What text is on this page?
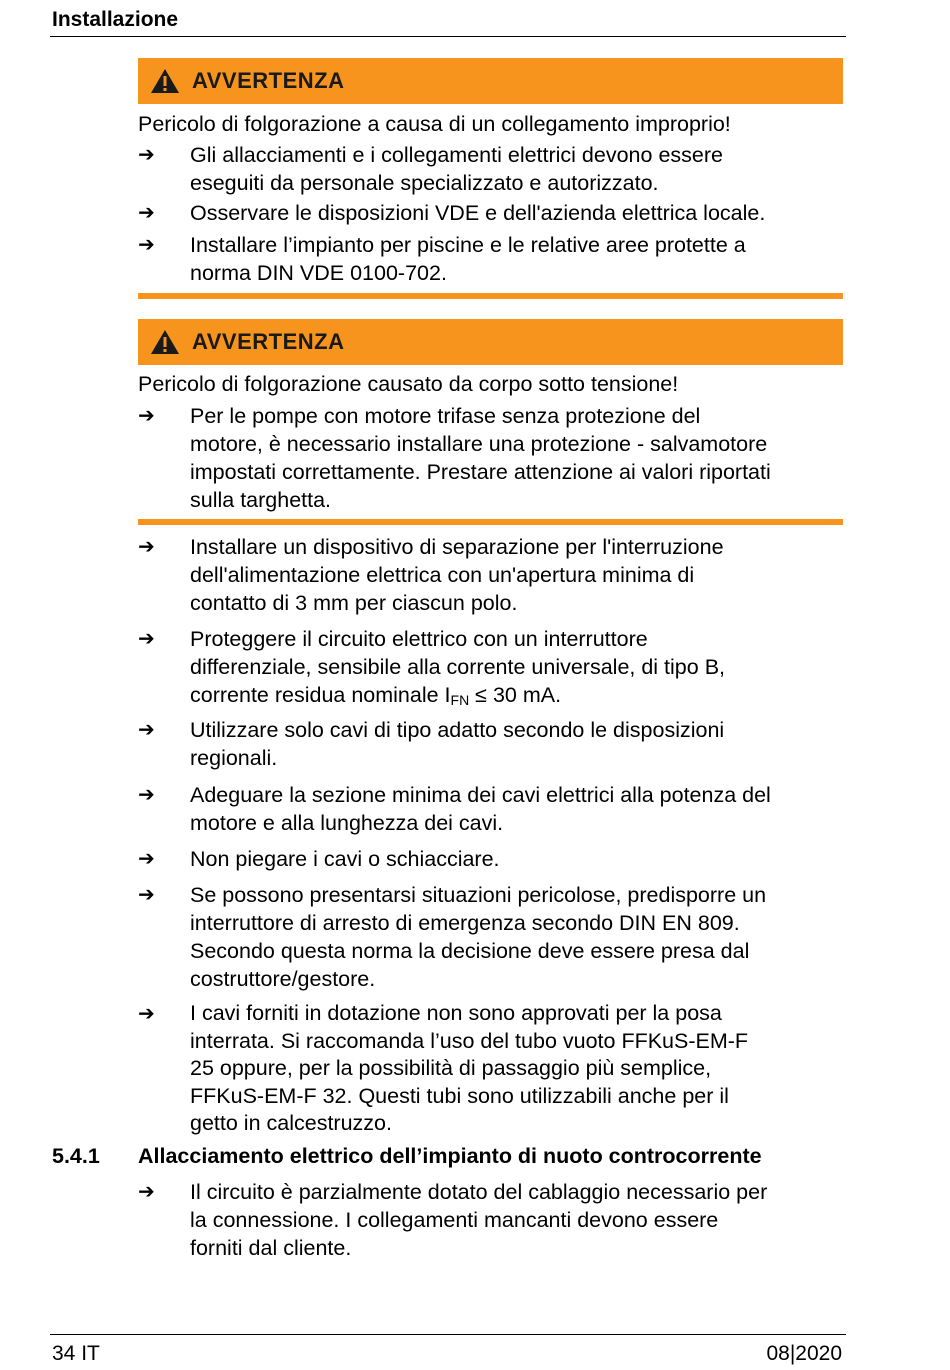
Installazione
AVVERTENZA
Pericolo di folgorazione a causa di un collegamento improprio!
➔	Gli allacciamenti e i collegamenti elettrici devono essere
eseguiti da personale specializzato e autorizzato.
➔	Osservare le disposizioni VDE e dell'azienda elettrica locale.
➔	Installare l’impianto per piscine e le relative aree protette a
norma DIN VDE 0100-702.
AVVERTENZA
Pericolo di folgorazione causato da corpo sotto tensione!
➔	Per le pompe con motore trifase senza protezione del
motore, è necessario installare una protezione - salvamotore
impostati correttamente. Prestare attenzione ai valori riportati
sulla targhetta.
➔	Installare un dispositivo di separazione per l'interruzione
dell'alimentazione elettrica con un'apertura minima di
contatto di 3 mm per ciascun polo.
➔	Proteggere il circuito elettrico con un interruttore
differenziale, sensibile alla corrente universale, di tipo B,
corrente residua nominale $I_{FN} \le 30$ mA.
➔	Utilizzare solo cavi di tipo adatto secondo le disposizioni
regionali.
➔	Adeguare la sezione minima dei cavi elettrici alla potenza del
motore e alla lunghezza dei cavi.
➔	Non piegare i cavi o schiacciare.
➔	Se possono presentarsi situazioni pericolose, predisporre un
interruttore di arresto di emergenza secondo DIN EN 809.
Secondo questa norma la decisione deve essere presa dal
costruttore/gestore.
➔	I cavi forniti in dotazione non sono approvati per la posa
interrata. Si raccomanda l’uso del tubo vuoto FFKuS-EM-F
25 oppure, per la possibilità di passaggio più semplice,
FFKuS-EM-F 32. Questi tubi sono utilizzabili anche per il
getto in calcestruzzo.
5.4.1 Allacciamento elettrico dell’impianto di nuoto controcorrente
➔	Il circuito è parzialmente dotato del cablaggio necessario per
la connessione. I collegamenti mancanti devono essere
forniti dal cliente.
34 IT	08|2020
